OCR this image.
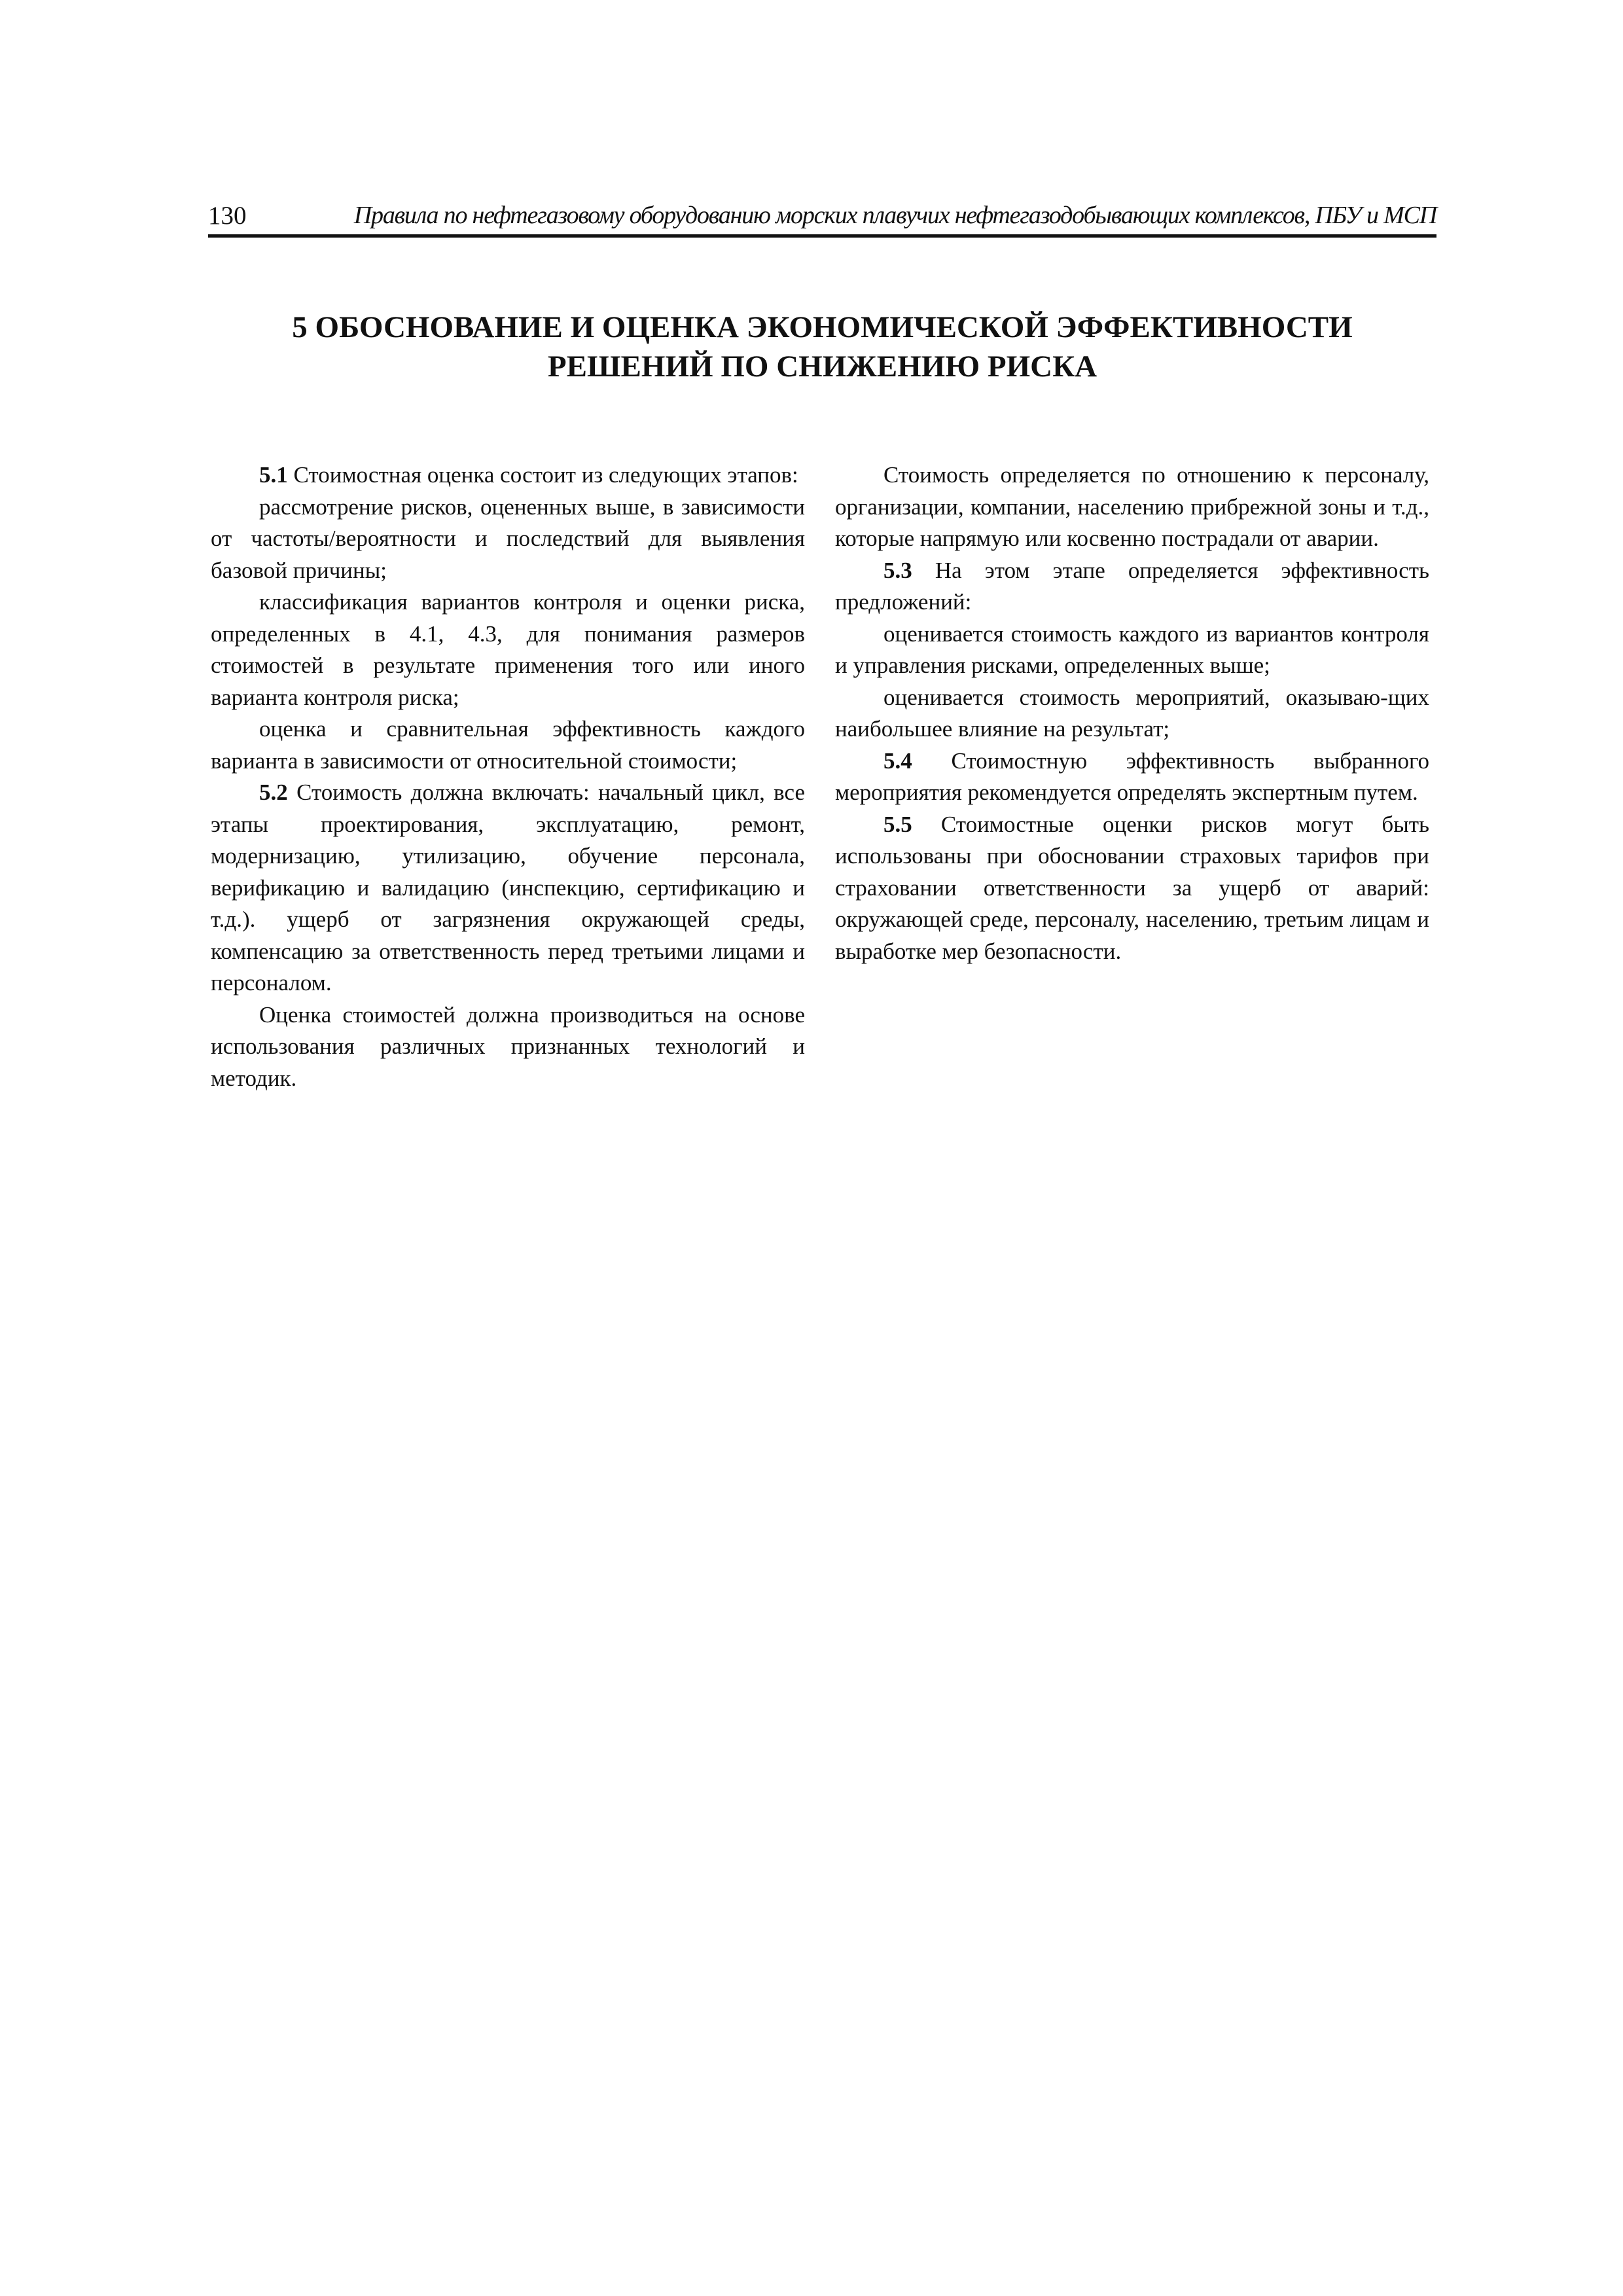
130	Правила по нефтегазовому оборудованию морских плавучих нефтегазодобывающих комплексов, ПБУ и МСП
5 ОБОСНОВАНИЕ И ОЦЕНКА ЭКОНОМИЧЕСКОЙ ЭФФЕКТИВНОСТИ
РЕШЕНИЙ ПО СНИЖЕНИЮ РИСКА

5.1 Стоимостная оценка состоит из следующих этапов:

рассмотрение рисков, оцененных выше, в зависимости от частоты/вероятности и последствий для выявления базовой причины;

классификация вариантов контроля и оценки риска, определенных в 4.1, 4.3, для понимания размеров стоимостей в результате применения того или иного варианта контроля риска;

оценка и сравнительная эффективность каждого варианта в зависимости от относительной стоимости;

5.2 Стоимость должна включать: начальный цикл, все этапы проектирования, эксплуатацию, ремонт, модернизацию, утилизацию, обучение персонала, верификацию и валидацию (инспекцию, сертификацию и т.д.). ущерб от загрязнения окружающей среды, компенсацию за ответственность перед третьими лицами и персоналом.

Оценка стоимостей должна производиться на основе использования различных признанных технологий и методик.

Стоимость определяется по отношению к персоналу, организации, компании, населению прибрежной зоны и т.д., которые напрямую или косвенно пострадали от аварии.

5.3 На этом этапе определяется эффективность предложений:

оценивается стоимость каждого из вариантов контроля и управления рисками, определенных выше;

оценивается стоимость мероприятий, оказываю-щих наибольшее влияние на результат;

5.4 Стоимостную эффективность выбранного мероприятия рекомендуется определять экспертным путем.

5.5 Стоимостные оценки рисков могут быть использованы при обосновании страховых тарифов при страховании ответственности за ущерб от аварий: окружающей среде, персоналу, населению, третьим лицам и выработке мер безопасности.
